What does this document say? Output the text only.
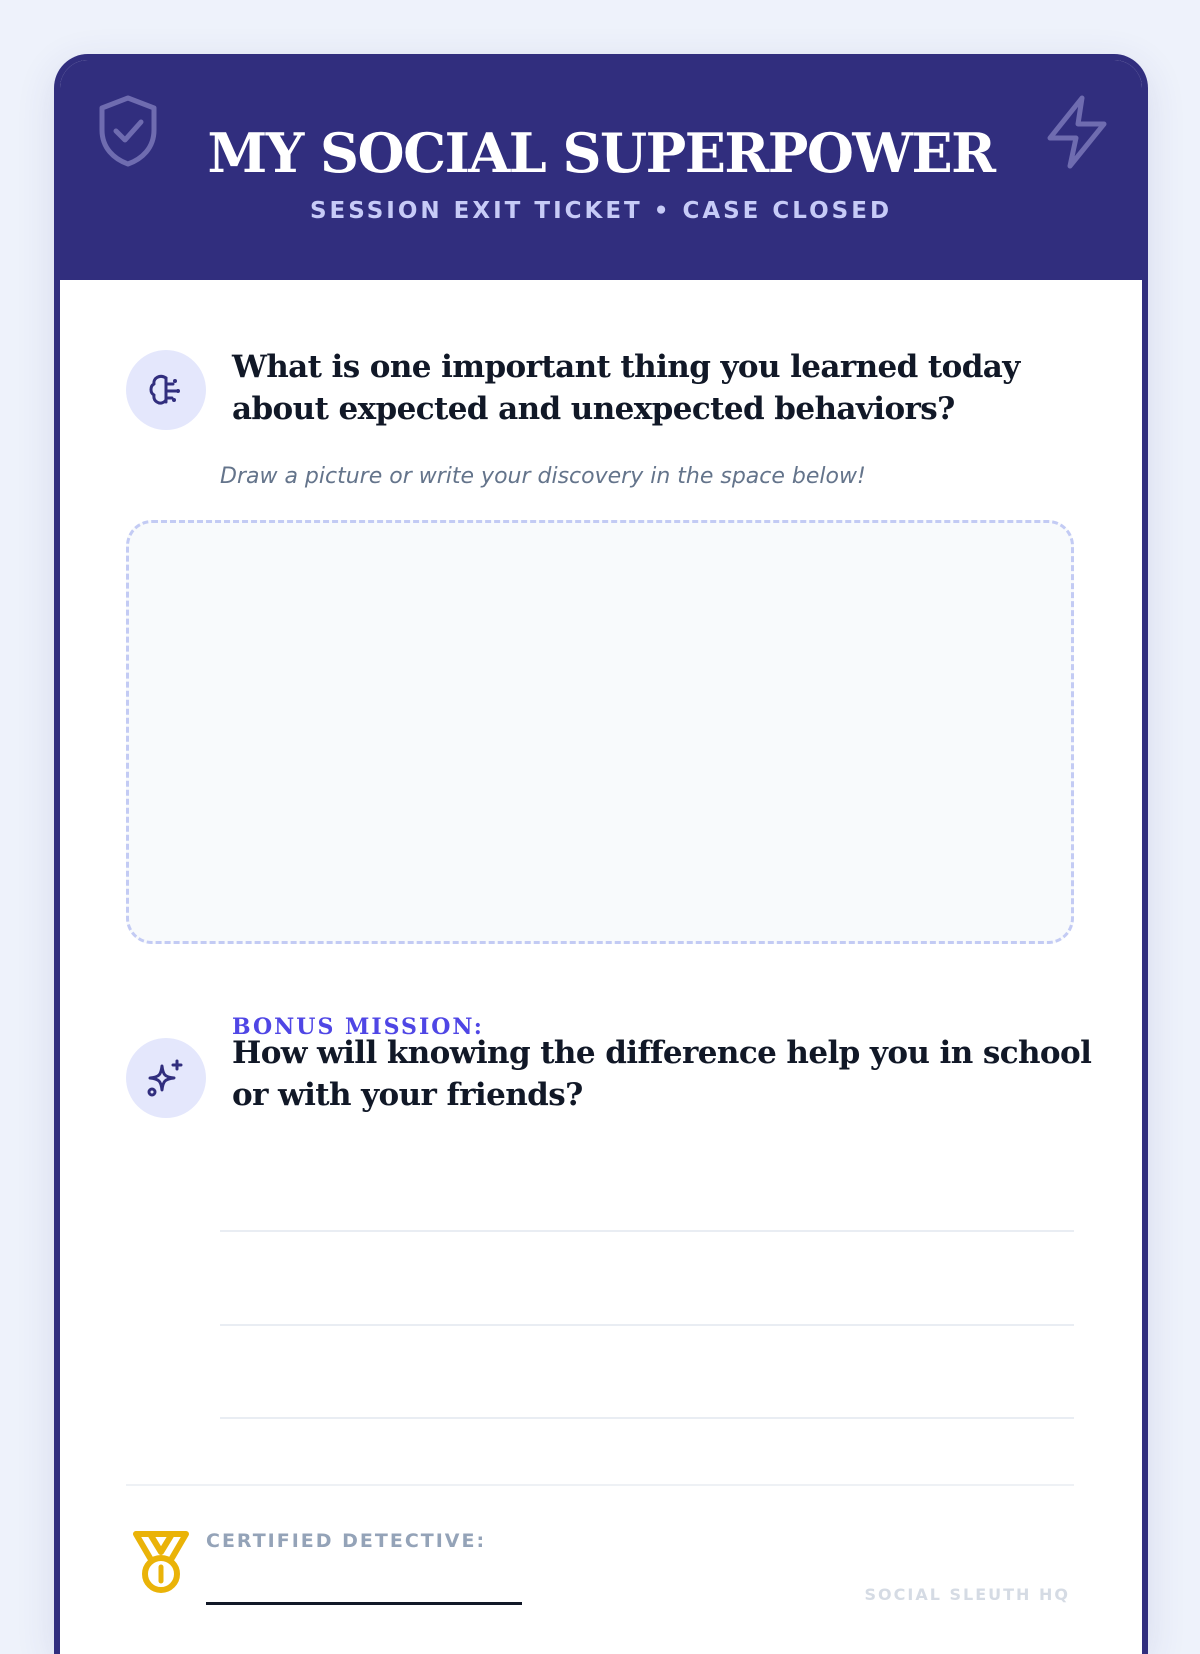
MY SOCIAL SUPERPOWER
SESSION EXIT TICKET • CASE CLOSED
What is one important thing you learned today about expected and unexpected behaviors?
Draw a picture or write your discovery in the space below!
BONUS MISSION:
How will knowing the difference help you in school or with your friends?
CERTIFIED DETECTIVE:
SOCIAL SLEUTH HQ
